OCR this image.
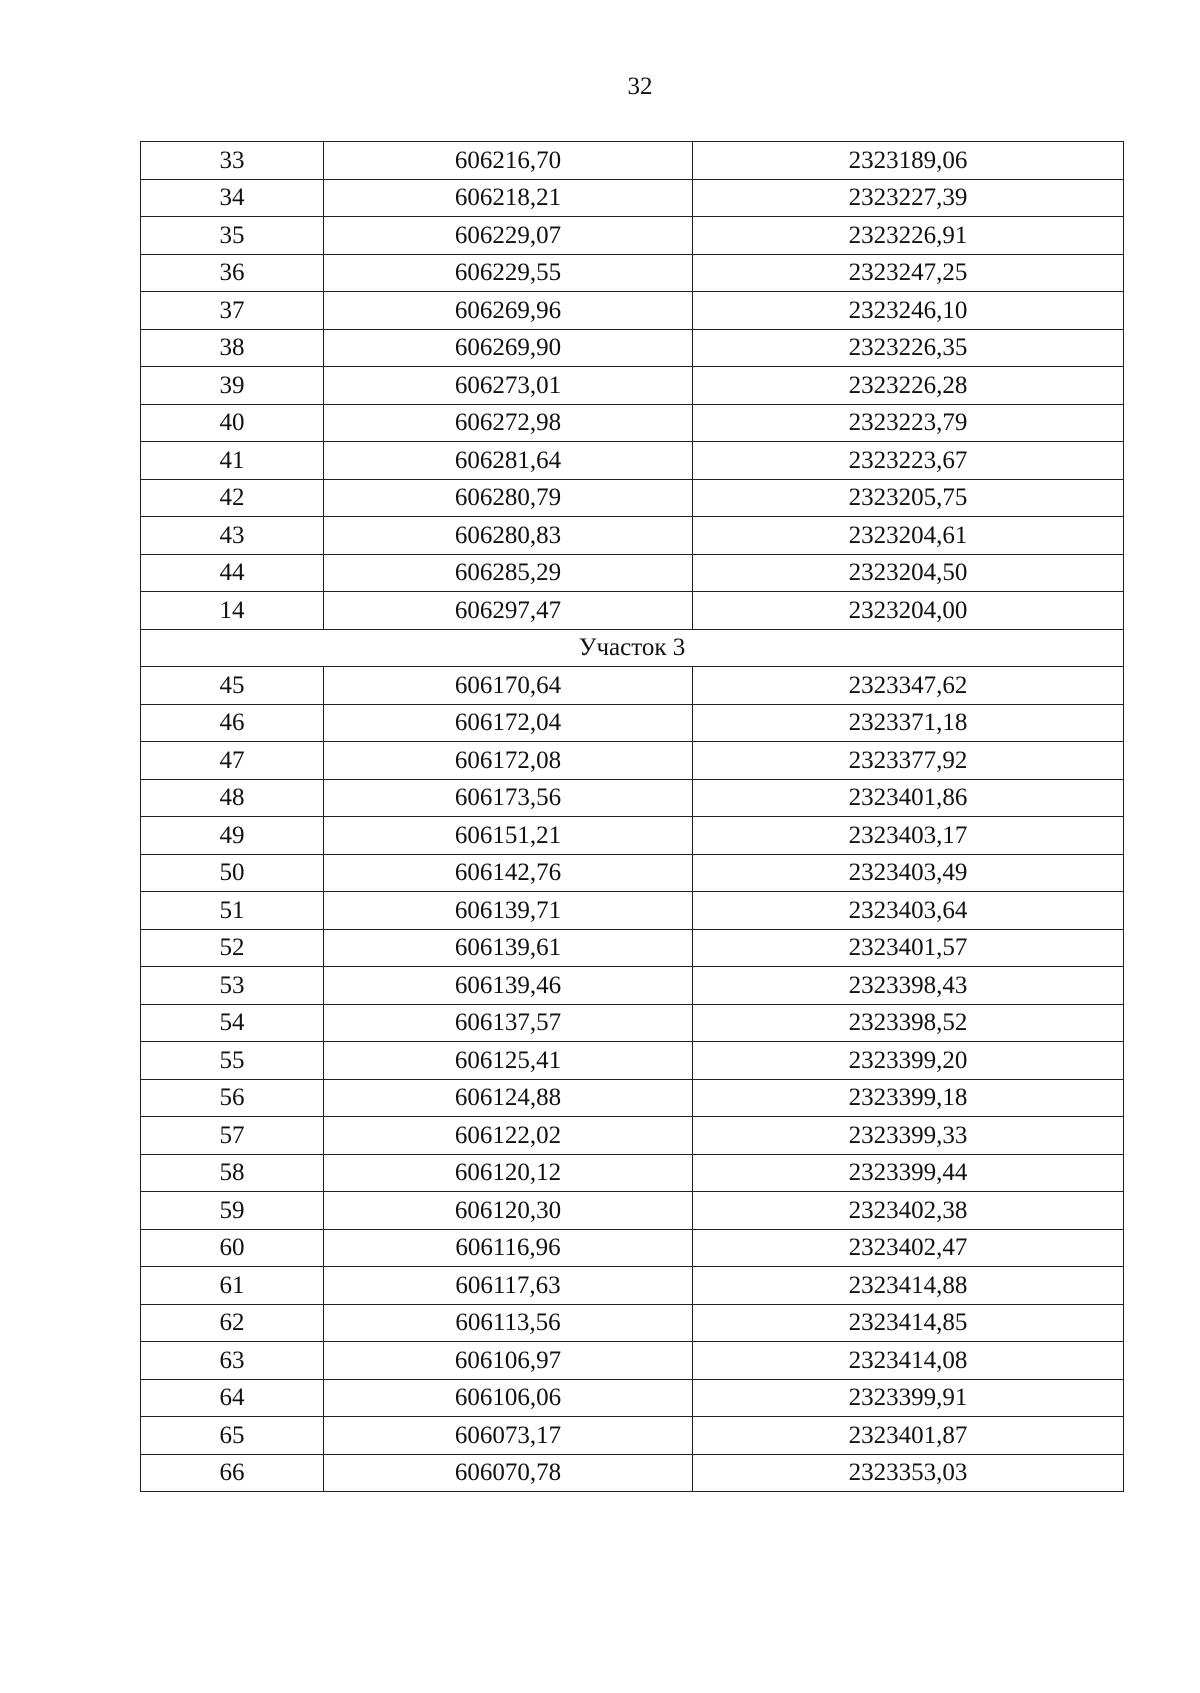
32
33	606216,70	2323189,06
34	606218,21	2323227,39
35	606229,07	2323226,91
36	606229,55	2323247,25
37	606269,96	2323246,10
38	606269,90	2323226,35
39	606273,01	2323226,28
40	606272,98	2323223,79
41	606281,64	2323223,67
42	606280,79	2323205,75
43	606280,83	2323204,61
44	606285,29	2323204,50
14	606297,47	2323204,00
Участок 3		
45	606170,64	2323347,62
46	606172,04	2323371,18
47	606172,08	2323377,92
48	606173,56	2323401,86
49	606151,21	2323403,17
50	606142,76	2323403,49
51	606139,71	2323403,64
52	606139,61	2323401,57
53	606139,46	2323398,43
54	606137,57	2323398,52
55	606125,41	2323399,20
56	606124,88	2323399,18
57	606122,02	2323399,33
58	606120,12	2323399,44
59	606120,30	2323402,38
60	606116,96	2323402,47
61	606117,63	2323414,88
62	606113,56	2323414,85
63	606106,97	2323414,08
64	606106,06	2323399,91
65	606073,17	2323401,87
66	606070,78	2323353,03
